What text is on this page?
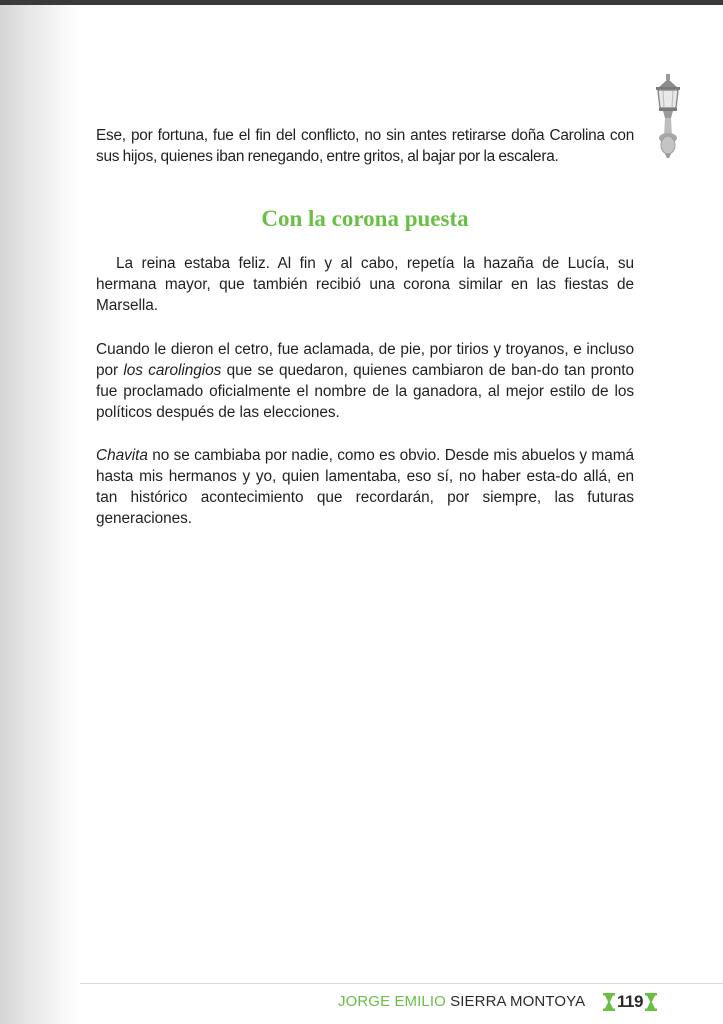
Ese, por fortuna, fue el fin del conflicto, no sin antes retirarse doña Carolina con sus hijos, quienes iban renegando, entre gritos, al bajar por la escalera.

Con la corona puesta

La reina estaba feliz. Al fin y al cabo, repetía la hazaña de Lucía, su hermana mayor, que también recibió una corona similar en las fiestas de Marsella.

Cuando le dieron el cetro, fue aclamada, de pie, por tirios y troyanos, e incluso por los carolingios que se quedaron, quienes cambiaron de ban-do tan pronto fue proclamado oficialmente el nombre de la ganadora, al mejor estilo de los políticos después de las elecciones.

Chavita no se cambiaba por nadie, como es obvio. Desde mis abuelos y mamá hasta mis hermanos y yo, quien lamentaba, eso sí, no haber esta-do allá, en tan histórico acontecimiento que recordarán, por siempre, las futuras generaciones.

JORGE EMILIO SIERRA MONTOYA 119
